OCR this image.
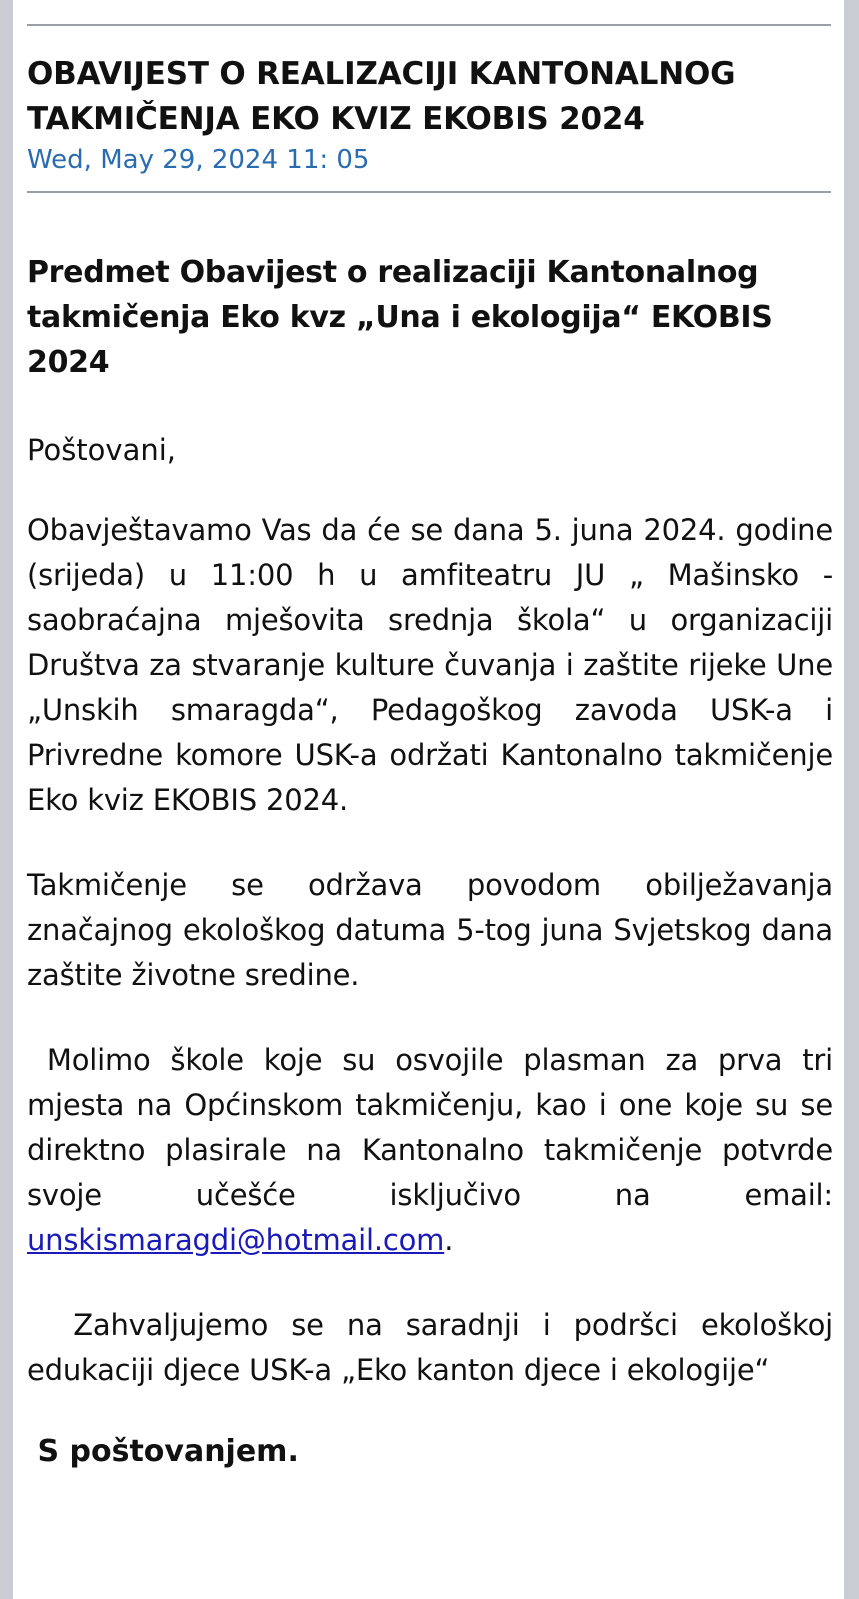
OBAVIJEST O REALIZACIJI KANTONALNOG TAKMIČENJA EKO KVIZ EKOBIS 2024

Wed, May 29, 2024 11: 05

Predmet Obavijest o realizaciji Kantonalnog takmičenja Eko kvz „Una i ekologija“ EKOBIS 2024

Poštovani,

Obavještavamo Vas da će se dana 5. juna 2024. godine (srijeda) u 11:00 h u amfiteatru JU „ Mašinsko -saobraćajna mješovita srednja škola“ u organizaciji Društva za stvaranje kulture čuvanja i zaštite rijeke Une „Unskih smaragda“, Pedagoškog zavoda USK-a i Privredne komore USK-a održati Kantonalno takmičenje Eko kviz EKOBIS 2024.

Takmičenje se održava povodom obilježavanja značajnog ekološkog datuma 5-tog juna Svjetskog dana zaštite životne sredine.

Molimo škole koje su osvojile plasman za prva tri mjesta na Općinskom takmičenju, kao i one koje su se direktno plasirale na Kantonalno takmičenje potvrde svoje učešće isključivo na email: unskismaragdi@hotmail.com.

Zahvaljujemo se na saradnji i podršci ekološkoj edukaciji djece USK-a „Eko kanton djece i ekologije“

S poštovanjem.
